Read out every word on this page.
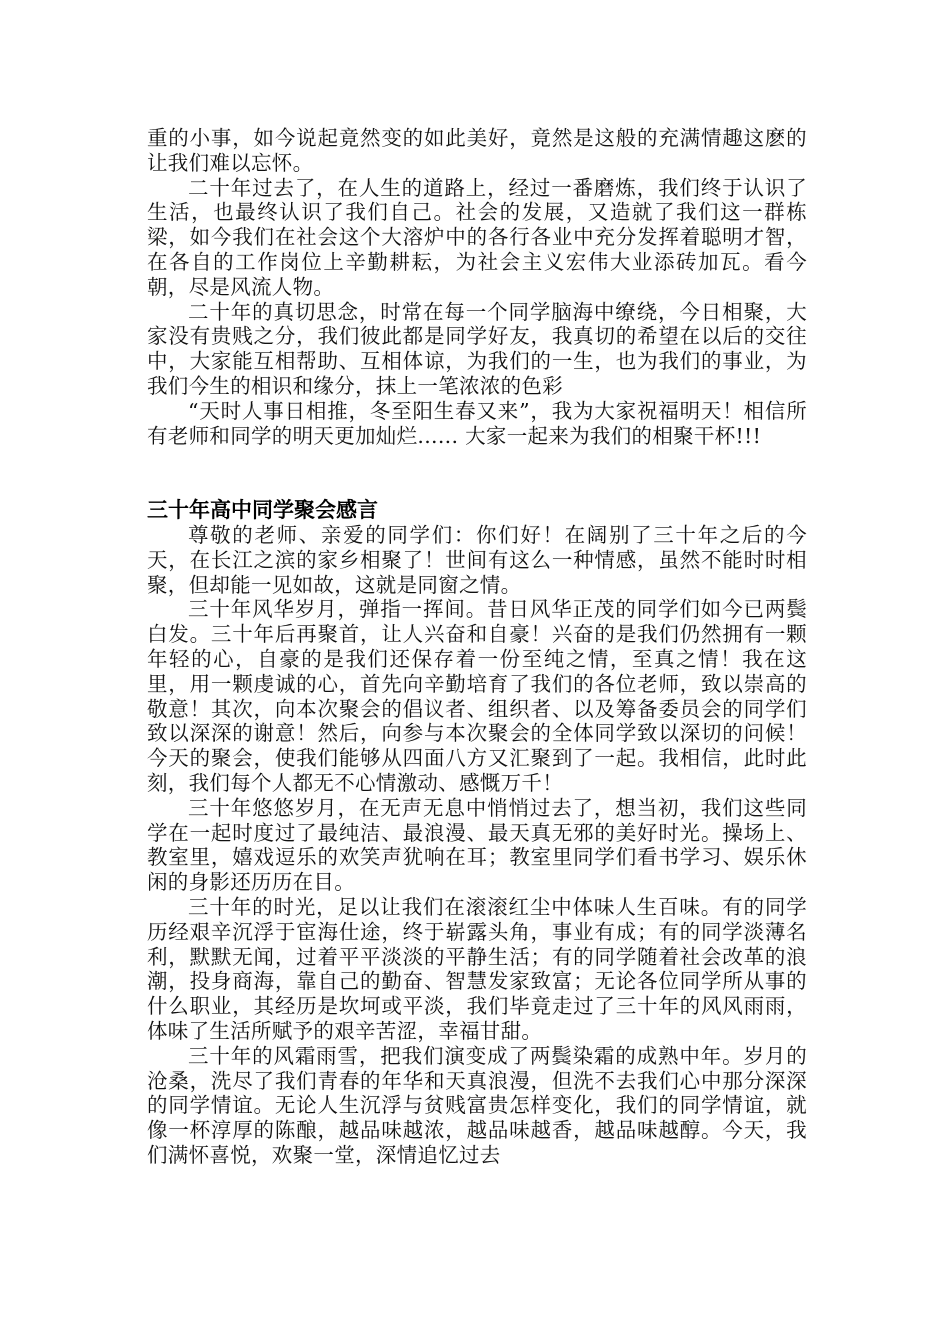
重的小事，如今说起竟然变的如此美好，竟然是这般的充满情趣这麽的让我们难以忘怀。

二十年过去了，在人生的道路上，经过一番磨炼，我们终于认识了生活，也最终认识了我们自己。社会的发展，又造就了我们这一群栋梁，如今我们在社会这个大溶炉中的各行各业中充分发挥着聪明才智，在各自的工作岗位上辛勤耕耘，为社会主义宏伟大业添砖加瓦。看今朝，尽是风流人物。

二十年的真切思念，时常在每一个同学脑海中缭绕，今日相聚，大家没有贵贱之分，我们彼此都是同学好友，我真切的希望在以后的交往中，大家能互相帮助、互相体谅，为我们的一生，也为我们的事业，为我们今生的相识和缘分，抹上一笔浓浓的色彩

“天时人事日相推，冬至阳生春又来”，我为大家祝福明天！相信所有老师和同学的明天更加灿烂...... 大家一起来为我们的相聚干杯!!!

三十年高中同学聚会感言

尊敬的老师、亲爱的同学们：你们好！在阔别了三十年之后的今天，在长江之滨的家乡相聚了！世间有这么一种情感，虽然不能时时相聚，但却能一见如故，这就是同窗之情。

三十年风华岁月，弹指一挥间。昔日风华正茂的同学们如今已两鬓白发。三十年后再聚首，让人兴奋和自豪！兴奋的是我们仍然拥有一颗年轻的心，自豪的是我们还保存着一份至纯之情，至真之情！我在这里，用一颗虔诚的心，首先向辛勤培育了我们的各位老师，致以崇高的敬意！其次，向本次聚会的倡议者、组织者、以及筹备委员会的同学们致以深深的谢意！然后，向参与本次聚会的全体同学致以深切的问候！今天的聚会，使我们能够从四面八方又汇聚到了一起。我相信，此时此刻，我们每个人都无不心情激动、感慨万千！

三十年悠悠岁月，在无声无息中悄悄过去了，想当初，我们这些同学在一起时度过了最纯洁、最浪漫、最天真无邪的美好时光。操场上、教室里，嬉戏逗乐的欢笑声犹响在耳；教室里同学们看书学习、娱乐休闲的身影还历历在目。

三十年的时光，足以让我们在滚滚红尘中体味人生百味。有的同学历经艰辛沉浮于宦海仕途，终于崭露头角，事业有成；有的同学淡薄名利，默默无闻，过着平平淡淡的平静生活；有的同学随着社会改革的浪潮，投身商海，靠自己的勤奋、智慧发家致富；无论各位同学所从事的什么职业，其经历是坎坷或平淡，我们毕竟走过了三十年的风风雨雨，体味了生活所赋予的艰辛苦涩，幸福甘甜。

三十年的风霜雨雪，把我们演变成了两鬓染霜的成熟中年。岁月的沧桑，洗尽了我们青春的年华和天真浪漫，但洗不去我们心中那分深深的同学情谊。无论人生沉浮与贫贱富贵怎样变化，我们的同学情谊，就像一杯淳厚的陈酿，越品味越浓，越品味越香，越品味越醇。今天，我们满怀喜悦，欢聚一堂，深情追忆过去
